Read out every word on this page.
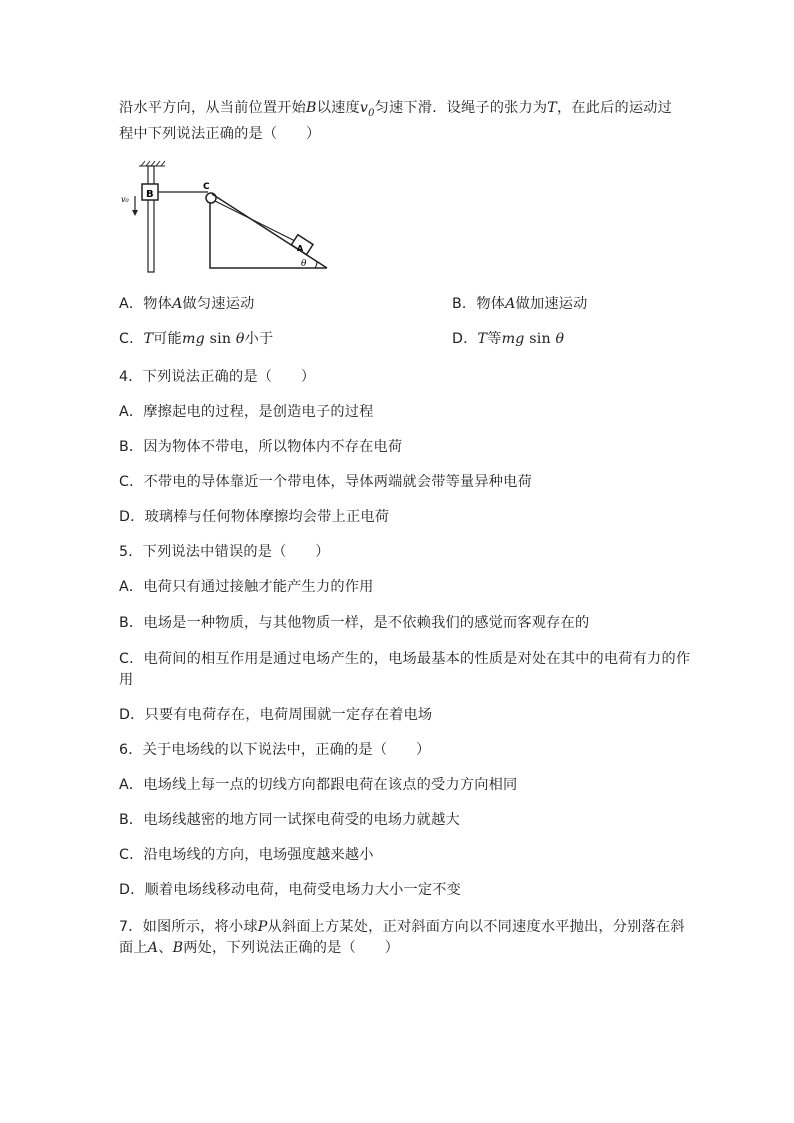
沿水平方向，从当前位置开始B以速度$v_0$匀速下滑．设绳子的张力为T，在此后的运动过
程中下列说法正确的是（　　）
B
v₀
C
A
θ
A．物体A做匀速运动	B．物体A做加速运动
C．T可能mg sin θ小于	D．T等mg sin θ
4．下列说法正确的是（　　）
A．摩擦起电的过程，是创造电子的过程
B．因为物体不带电，所以物体内不存在电荷
C．不带电的导体靠近一个带电体，导体两端就会带等量异种电荷
D．玻璃棒与任何物体摩擦均会带上正电荷
5．下列说法中错误的是（　　）
A．电荷只有通过接触才能产生力的作用
B．电场是一种物质，与其他物质一样，是不依赖我们的感觉而客观存在的
C．电荷间的相互作用是通过电场产生的，电场最基本的性质是对处在其中的电荷有力的作
用
D．只要有电荷存在，电荷周围就一定存在着电场
6．关于电场线的以下说法中，正确的是（　　）
A．电场线上每一点的切线方向都跟电荷在该点的受力方向相同
B．电场线越密的地方同一试探电荷受的电场力就越大
C．沿电场线的方向，电场强度越来越小
D．顺着电场线移动电荷，电荷受电场力大小一定不变
7．如图所示，将小球P从斜面上方某处，正对斜面方向以不同速度水平抛出，分别落在斜
面上A、B两处，下列说法正确的是（　　）
